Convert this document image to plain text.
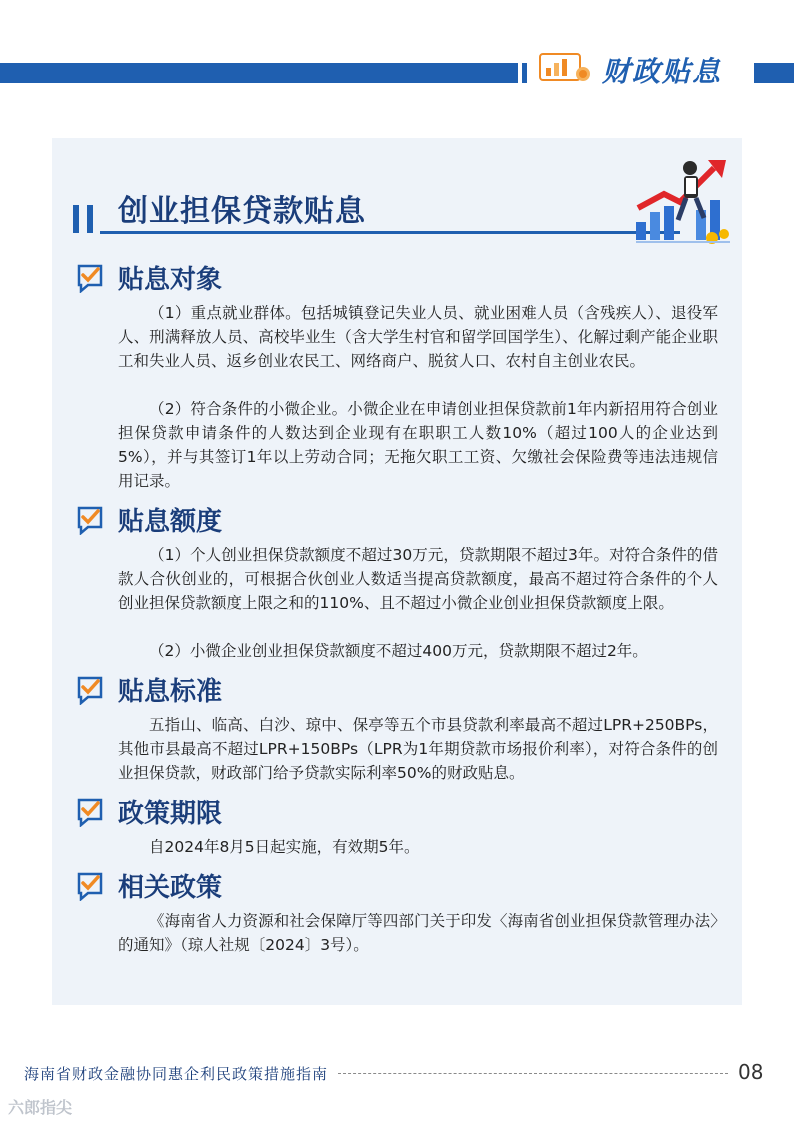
财政贴息
创业担保贷款贴息
贴息对象

（1）重点就业群体。包括城镇登记失业人员、就业困难人员（含残疾人）、退役军人、刑满释放人员、高校毕业生（含大学生村官和留学回国学生）、化解过剩产能企业职工和失业人员、返乡创业农民工、网络商户、脱贫人口、农村自主创业农民。

（2）符合条件的小微企业。小微企业在申请创业担保贷款前1年内新招用符合创业担保贷款申请条件的人数达到企业现有在职职工人数10%（超过100人的企业达到5%），并与其签订1年以上劳动合同；无拖欠职工工资、欠缴社会保险费等违法违规信用记录。

贴息额度

（1）个人创业担保贷款额度不超过30万元，贷款期限不超过3年。对符合条件的借款人合伙创业的，可根据合伙创业人数适当提高贷款额度，最高不超过符合条件的个人创业担保贷款额度上限之和的110%、且不超过小微企业创业担保贷款额度上限。

（2）小微企业创业担保贷款额度不超过400万元，贷款期限不超过2年。

贴息标准

五指山、临高、白沙、琼中、保亭等五个市县贷款利率最高不超过LPR+250BPs，其他市县最高不超过LPR+150BPs（LPR为1年期贷款市场报价利率），对符合条件的创业担保贷款，财政部门给予贷款实际利率50%的财政贴息。

政策期限

自2024年8月5日起实施，有效期5年。

相关政策

《海南省人力资源和社会保障厅等四部门关于印发〈海南省创业担保贷款管理办法〉的通知》（琼人社规〔2024〕3号）。

海南省财政金融协同惠企利民政策措施指南	08
六郎指尖
